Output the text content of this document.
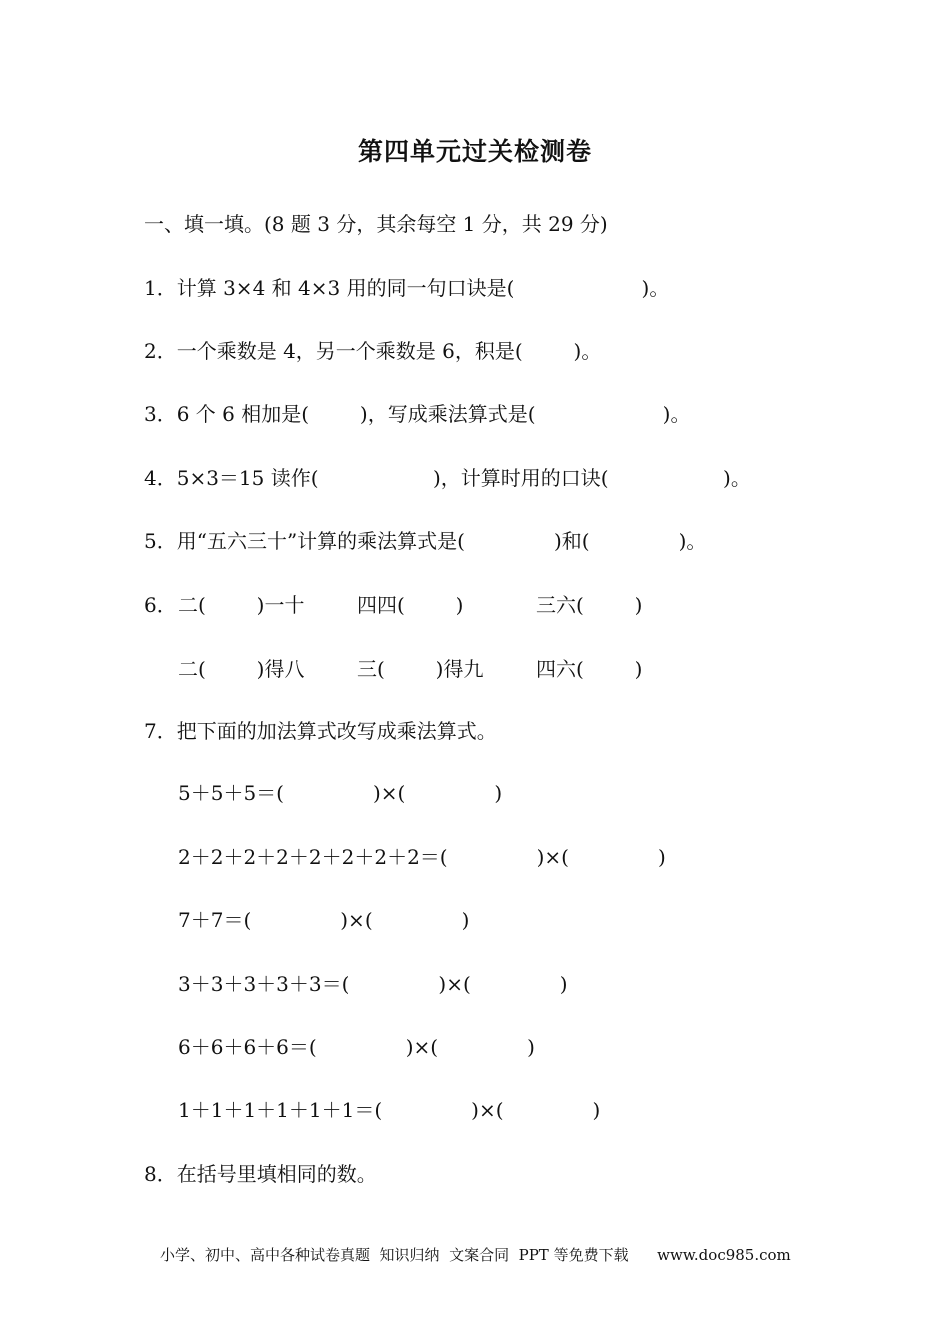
第四单元过关检测卷
一、填一填。(8 题 3 分，其余每空 1 分，共 29 分)
1．计算 3×4 和 4×3 用的同一句口诀是(                    )。
2．一个乘数是 4，另一个乘数是 6，积是(        )。
3．6 个 6 相加是(        )，写成乘法算式是(                    )。
4．5×3＝15 读作(                  )，计算时用的口诀(                  )。
5．用“五六三十”计算的乘法算式是(              )和(              )。
6． 二(        )一十	四四(        )	三六(        )
二(        )得八	三(        )得九	四六(        )
7．把下面的加法算式改写成乘法算式。
5＋5＋5＝(              )×(              )
2＋2＋2＋2＋2＋2＋2＋2＝(              )×(              )
7＋7＝(              )×(              )
3＋3＋3＋3＋3＝(              )×(              )
6＋6＋6＋6＝(              )×(              )
1＋1＋1＋1＋1＋1＝(              )×(              )
8．在括号里填相同的数。
小学、初中、高中各种试卷真题  知识归纳  文案合同  PPT 等免费下载      www.doc985.com
